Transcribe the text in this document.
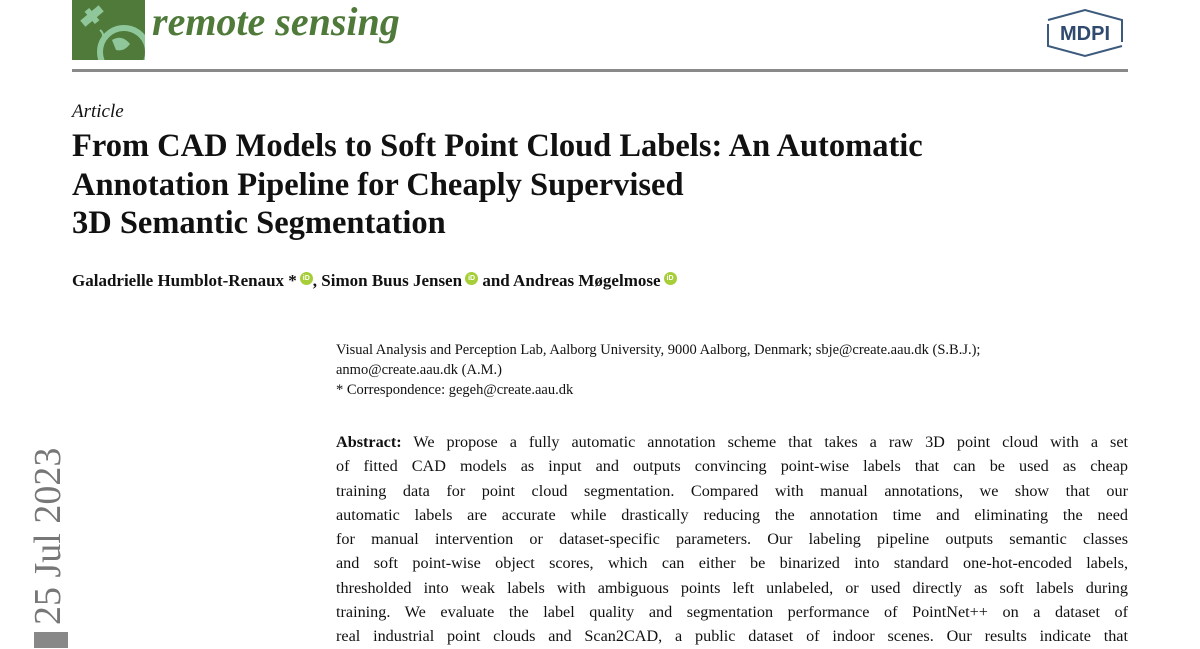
remote sensing	MDPI
Article
From CAD Models to Soft Point Cloud Labels: An Automatic
Annotation Pipeline for Cheaply Supervised
3D Semantic Segmentation
Galadrielle Humblot-Renaux * iD , Simon Buus Jensen iD and Andreas Møgelmose iD
Visual Analysis and Perception Lab, Aalborg University, 9000 Aalborg, Denmark; sbje@create.aau.dk (S.B.J.);
anmo@create.aau.dk (A.M.)
* Correspondence: gegeh@create.aau.dk
Abstract: We propose a fully automatic annotation scheme that takes a raw 3D point cloud with a set
of fitted CAD models as input and outputs convincing point-wise labels that can be used as cheap
training data for point cloud segmentation. Compared with manual annotations, we show that our
automatic labels are accurate while drastically reducing the annotation time and eliminating the need
for manual intervention or dataset-specific parameters. Our labeling pipeline outputs semantic classes
and soft point-wise object scores, which can either be binarized into standard one-hot-encoded labels,
thresholded into weak labels with ambiguous points left unlabeled, or used directly as soft labels during
training. We evaluate the label quality and segmentation performance of PointNet++ on a dataset of
real industrial point clouds and Scan2CAD, a public dataset of indoor scenes. Our results indicate that
25 Jul 2023
